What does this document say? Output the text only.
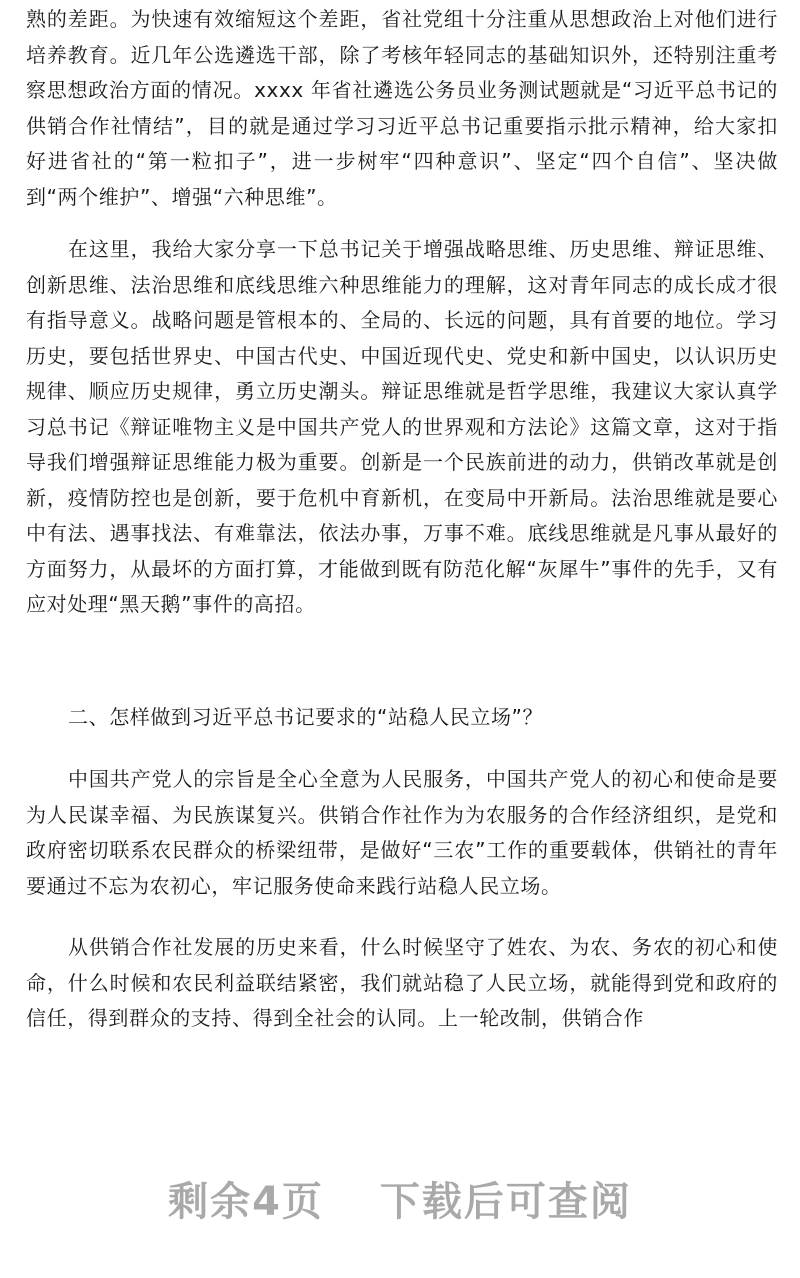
熟的差距。为快速有效缩短这个差距，省社党组十分注重从思想政治上对他们进行培养教育。近几年公选遴选干部，除了考核年轻同志的基础知识外，还特别注重考察思想政治方面的情况。xxxx 年省社遴选公务员业务测试题就是“习近平总书记的供销合作社情结”，目的就是通过学习习近平总书记重要指示批示精神，给大家扣好进省社的“第一粒扣子”，进一步树牢“四种意识”、坚定“四个自信”、坚决做到“两个维护”、增强“六种思维”。

在这里，我给大家分享一下总书记关于增强战略思维、历史思维、辩证思维、创新思维、法治思维和底线思维六种思维能力的理解，这对青年同志的成长成才很有指导意义。战略问题是管根本的、全局的、长远的问题，具有首要的地位。学习历史，要包括世界史、中国古代史、中国近现代史、党史和新中国史，以认识历史规律、顺应历史规律，勇立历史潮头。辩证思维就是哲学思维，我建议大家认真学习总书记《辩证唯物主义是中国共产党人的世界观和方法论》这篇文章，这对于指导我们增强辩证思维能力极为重要。创新是一个民族前进的动力，供销改革就是创新，疫情防控也是创新，要于危机中育新机，在变局中开新局。法治思维就是要心中有法、遇事找法、有难靠法，依法办事，万事不难。底线思维就是凡事从最好的方面努力，从最坏的方面打算，才能做到既有防范化解“灰犀牛”事件的先手，又有应对处理“黑天鹅”事件的高招。

二、怎样做到习近平总书记要求的“站稳人民立场”？

中国共产党人的宗旨是全心全意为人民服务，中国共产党人的初心和使命是要为人民谋幸福、为民族谋复兴。供销合作社作为为农服务的合作经济组织，是党和政府密切联系农民群众的桥梁纽带，是做好“三农”工作的重要载体，供销社的青年要通过不忘为农初心，牢记服务使命来践行站稳人民立场。

从供销合作社发展的历史来看，什么时候坚守了姓农、为农、务农的初心和使命，什么时候和农民利益联结紧密，我们就站稳了人民立场，就能得到党和政府的信任，得到群众的支持、得到全社会的认同。上一轮改制，供销合作

剩余4页 下载后可查阅
